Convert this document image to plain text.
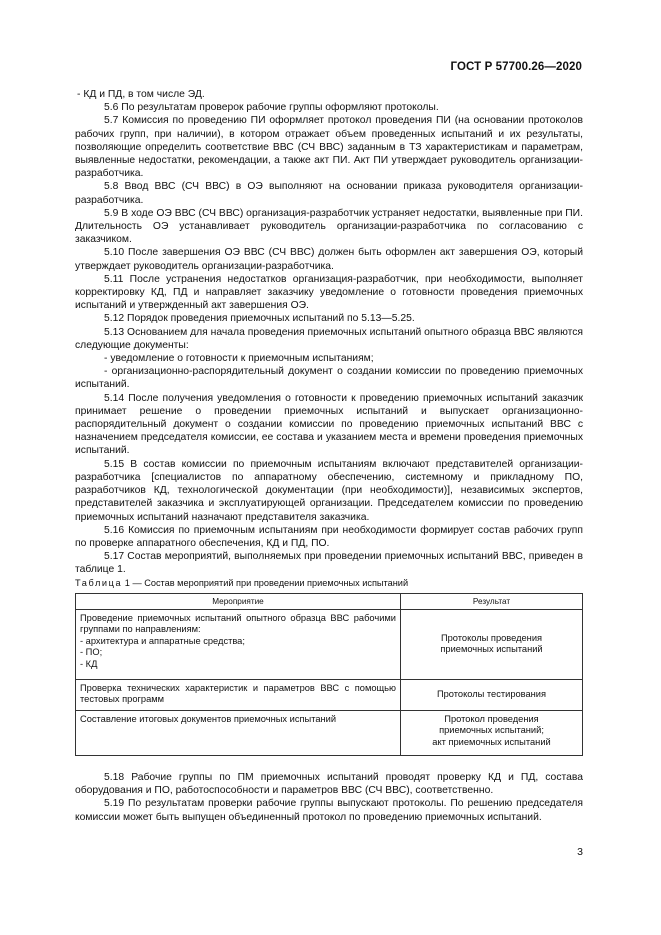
ГОСТ Р 57700.26—2020

- КД и ПД, в том числе ЭД.

5.6 По результатам проверок рабочие группы оформляют протоколы.

5.7 Комиссия по проведению ПИ оформляет протокол проведения ПИ (на основании протоколов рабочих групп, при наличии), в котором отражает объем проведенных испытаний и их результаты, позволяющие определить соответствие ВВС (СЧ ВВС) заданным в ТЗ характеристикам и параметрам, выявленные недостатки, рекомендации, а также акт ПИ. Акт ПИ утверждает руководитель организации-разработчика.

5.8 Ввод ВВС (СЧ ВВС) в ОЭ выполняют на основании приказа руководителя организации-разработчика.

5.9 В ходе ОЭ ВВС (СЧ ВВС) организация-разработчик устраняет недостатки, выявленные при ПИ. Длительность ОЭ устанавливает руководитель организации-разработчика по согласованию с заказчиком.

5.10 После завершения ОЭ ВВС (СЧ ВВС) должен быть оформлен акт завершения ОЭ, который утверждает руководитель организации-разработчика.

5.11 После устранения недостатков организация-разработчик, при необходимости, выполняет корректировку КД, ПД и направляет заказчику уведомление о готовности проведения приемочных испытаний и утвержденный акт завершения ОЭ.

5.12 Порядок проведения приемочных испытаний по 5.13—5.25.

5.13 Основанием для начала проведения приемочных испытаний опытного образца ВВС являются следующие документы:

- уведомление о готовности к приемочным испытаниям;

- организационно-распорядительный документ о создании комиссии по проведению приемочных испытаний.

5.14 После получения уведомления о готовности к проведению приемочных испытаний заказчик принимает решение о проведении приемочных испытаний и выпускает организационно-распорядительный документ о создании комиссии по проведению приемочных испытаний ВВС с назначением председателя комиссии, ее состава и указанием места и времени проведения приемочных испытаний.

5.15 В состав комиссии по приемочным испытаниям включают представителей организации-разработчика [специалистов по аппаратному обеспечению, системному и прикладному ПО, разработчиков КД, технологической документации (при необходимости)], независимых экспертов, представителей заказчика и эксплуатирующей организации. Председателем комиссии по проведению приемочных испытаний назначают представителя заказчика.

5.16 Комиссия по приемочным испытаниям при необходимости формирует состав рабочих групп по проверке аппаратного обеспечения, КД и ПД, ПО.

5.17 Состав мероприятий, выполняемых при проведении приемочных испытаний ВВС, приведен в таблице 1.

Таблица 1 — Состав мероприятий при проведении приемочных испытаний
Мероприятие	Результат

Проведение приемочных испытаний опытного образца ВВС рабочими группами по направлениям:
- архитектура и аппаратные средства;
- ПО;
- КД	Протоколы проведения
приемочных испытаний

Проверка технических характеристик и параметров ВВС с помощью тестовых программ	Протоколы тестирования

Составление итоговых документов приемочных испытаний	Протокол проведения
приемочных испытаний;
акт приемочных испытаний

5.18 Рабочие группы по ПМ приемочных испытаний проводят проверку КД и ПД, состава оборудования и ПО, работоспособности и параметров ВВС (СЧ ВВС), соответственно.

5.19 По результатам проверки рабочие группы выпускают протоколы. По решению председателя комиссии может быть выпущен объединенный протокол по проведению приемочных испытаний.

3
